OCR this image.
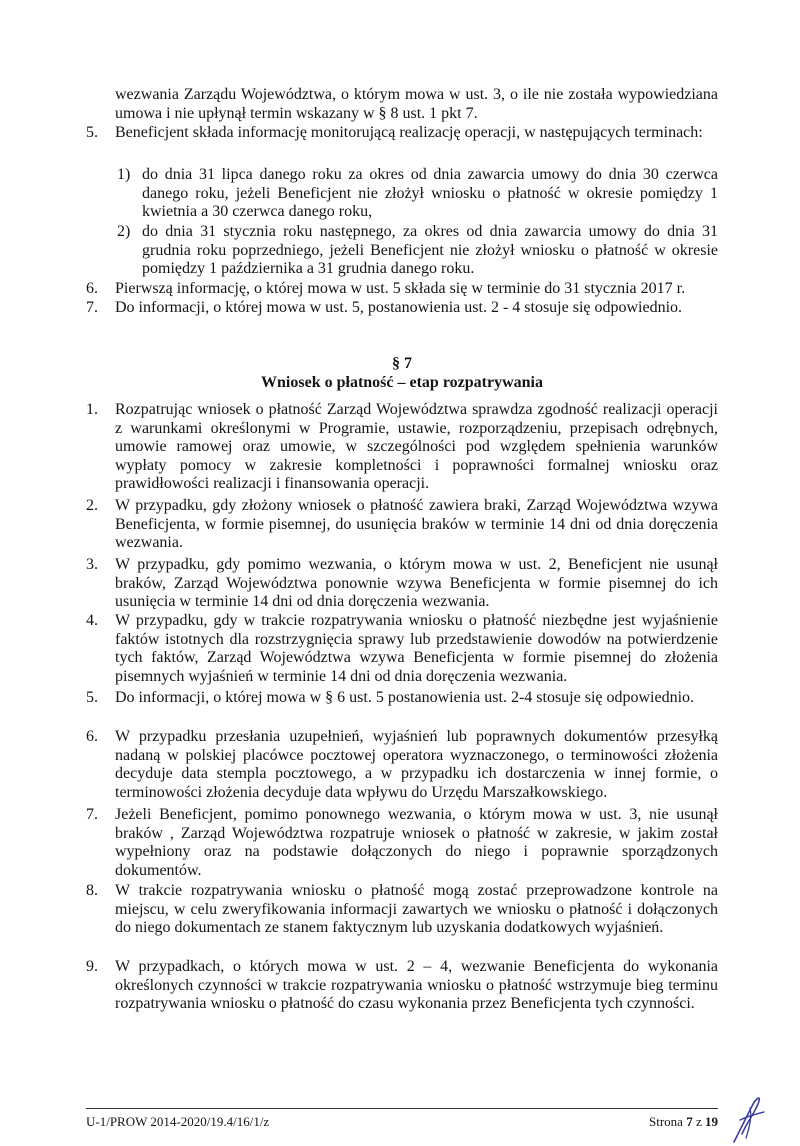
wezwania Zarządu Województwa, o którym mowa w ust. 3, o ile nie została wypowiedziana umowa i nie upłynął termin wskazany w § 8 ust. 1 pkt 7.
5. Beneficjent składa informację monitorującą realizację operacji, w następujących terminach:
1) do dnia 31 lipca danego roku za okres od dnia zawarcia umowy do dnia 30 czerwca danego roku, jeżeli Beneficjent nie złożył wniosku o płatność w okresie pomiędzy 1 kwietnia a 30 czerwca danego roku,
2) do dnia 31 stycznia roku następnego, za okres od dnia zawarcia umowy do dnia 31 grudnia roku poprzedniego, jeżeli Beneficjent nie złożył wniosku o płatność w okresie pomiędzy 1 października a 31 grudnia danego roku.
6. Pierwszą informację, o której mowa w ust. 5 składa się w terminie do 31 stycznia 2017 r.
7. Do informacji, o której mowa w ust. 5, postanowienia ust. 2 - 4 stosuje się odpowiednio.
§ 7
Wniosek o płatność – etap rozpatrywania
1. Rozpatrując wniosek o płatność Zarząd Województwa sprawdza zgodność realizacji operacji z warunkami określonymi w Programie, ustawie, rozporządzeniu, przepisach odrębnych, umowie ramowej oraz umowie, w szczególności pod względem spełnienia warunków wypłaty pomocy w zakresie kompletności i poprawności formalnej wniosku oraz prawidłowości realizacji i finansowania operacji.
2. W przypadku, gdy złożony wniosek o płatność zawiera braki, Zarząd Województwa wzywa Beneficjenta, w formie pisemnej, do usunięcia braków w terminie 14 dni od dnia doręczenia wezwania.
3. W przypadku, gdy pomimo wezwania, o którym mowa w ust. 2, Beneficjent nie usunął braków, Zarząd Województwa ponownie wzywa Beneficjenta w formie pisemnej do ich usunięcia w terminie 14 dni od dnia doręczenia wezwania.
4. W przypadku, gdy w trakcie rozpatrywania wniosku o płatność niezbędne jest wyjaśnienie faktów istotnych dla rozstrzygnięcia sprawy lub przedstawienie dowodów na potwierdzenie tych faktów, Zarząd Województwa wzywa Beneficjenta w formie pisemnej do złożenia pisemnych wyjaśnień w terminie 14 dni od dnia doręczenia wezwania.
5. Do informacji, o której mowa w § 6 ust. 5 postanowienia ust. 2-4 stosuje się odpowiednio.
6. W przypadku przesłania uzupełnień, wyjaśnień lub poprawnych dokumentów przesyłką nadaną w polskiej placówce pocztowej operatora wyznaczonego, o terminowości złożenia decyduje data stempla pocztowego, a w przypadku ich dostarczenia w innej formie, o terminowości złożenia decyduje data wpływu do Urzędu Marszałkowskiego.
7. Jeżeli Beneficjent, pomimo ponownego wezwania, o którym mowa w ust. 3, nie usunął braków , Zarząd Województwa rozpatruje wniosek o płatność w zakresie, w jakim został wypełniony oraz na podstawie dołączonych do niego i poprawnie sporządzonych dokumentów.
8. W trakcie rozpatrywania wniosku o płatność mogą zostać przeprowadzone kontrole na miejscu, w celu zweryfikowania informacji zawartych we wniosku o płatność i dołączonych do niego dokumentach ze stanem faktycznym lub uzyskania dodatkowych wyjaśnień.
9. W przypadkach, o których mowa w ust. 2 – 4, wezwanie Beneficjenta do wykonania określonych czynności w trakcie rozpatrywania wniosku o płatność wstrzymuje bieg terminu rozpatrywania wniosku o płatność do czasu wykonania przez Beneficjenta tych czynności.
U-1/PROW 2014-2020/19.4/16/1/z	Strona 7 z 19
